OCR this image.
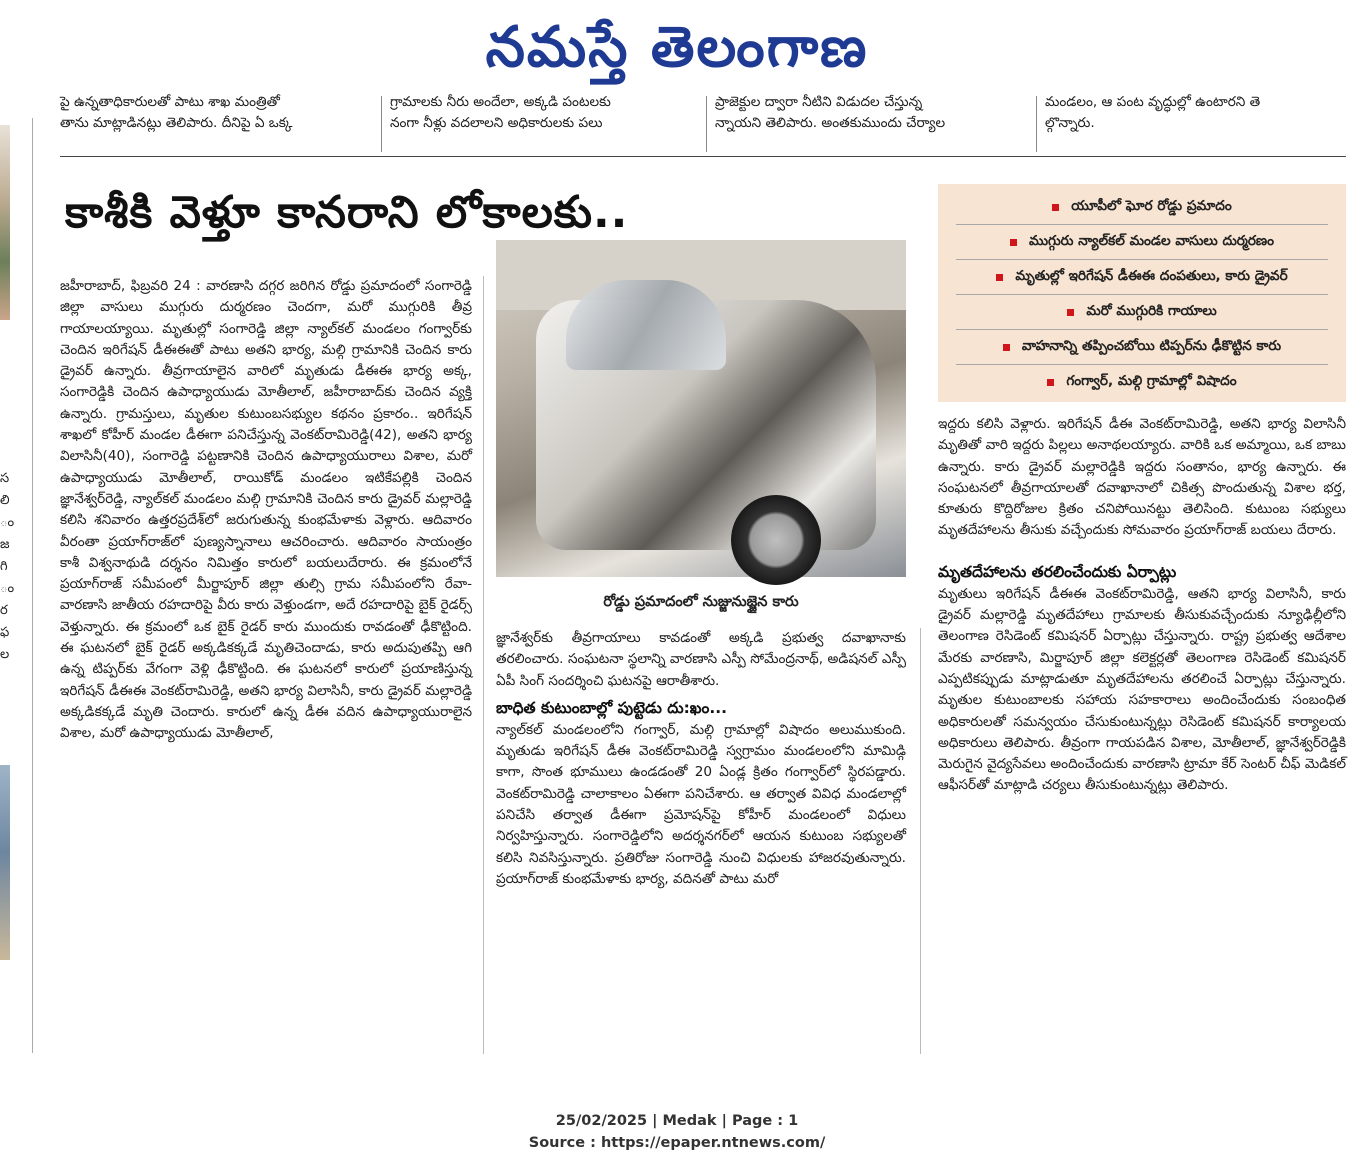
నమస్తే తెలంగాణ

పై ఉన్నతాధికారులతో పాటు శాఖ మంత్రితో

తాను మాట్లాడినట్లు తెలిపారు. దీనిపై ఏ ఒక్క

గ్రామాలకు నీరు అందేలా, అక్కడి పంటలకు

నంగా నీళ్లు వదలాలని అధికారులకు పలు

ప్రాజెక్టుల ద్వారా నీటిని విడుదల చేస్తున్న

న్నాయని తెలిపారు. అంతకుముందు చేర్యాల

మండలం, ఆ పంట వృద్ధుల్లో ఉంటారని తె

ల్గొన్నారు.

స
లి
ం
జ
గి
ం
ర
ఫ
ల
కాశీకి వెళ్తూ కానరాని లోకాలకు..	యూపీలో ఘోర రోడ్డు ప్రమాదం
ముగ్గురు న్యాల్‌కల్ మండల వాసులు దుర్మరణం
మృతుల్లో ఇరిగేషన్ డీఈఈ దంపతులు, కారు డ్రైవర్
మరో ముగ్గురికి గాయాలు
వాహనాన్ని తప్పించబోయి టిప్పర్‌ను ఢీకొట్టిన కారు
గంగ్వార్, మల్గి గ్రామాల్లో విషాదం

రోడ్డు ప్రమాదంలో నుజ్జునుజ్జైన కారు

జహీరాబాద్, ఫిబ్రవరి 24 : వారణాసి దగ్గర జరిగిన రోడ్డు ప్రమాదంలో సంగారెడ్డి జిల్లా వాసులు ముగ్గురు దుర్మరణం చెందగా, మరో ముగ్గురికి తీవ్ర గాయాలయ్యాయి. మృతుల్లో సంగారెడ్డి జిల్లా న్యాల్‌కల్ మండలం గంగ్వార్‌కు చెందిన ఇరిగేషన్ డీఈఈతో పాటు అతని భార్య, మల్గి గ్రామానికి చెందిన కారు డ్రైవర్ ఉన్నారు. తీవ్రగాయాలైన వారిలో మృతుడు డీఈఈ భార్య అక్క, సంగారెడ్డికి చెందిన ఉపాధ్యాయుడు మోతీలాల్, జహీరాబాద్‌కు చెందిన వ్యక్తి ఉన్నారు. గ్రామస్తులు, మృతుల కుటుంబసభ్యుల కథనం ప్రకారం.. ఇరిగేషన్ శాఖలో కోహీర్ మండల డీఈగా పనిచేస్తున్న వెంకట్‌రామిరెడ్డి(42), అతని భార్య విలాసినీ(40), సంగారెడ్డి పట్టణానికి చెందిన ఉపాధ్యాయురాలు విశాల, మరో ఉపాధ్యాయుడు మోతీలాల్, రాయికోడ్ మండలం ఇటికేపల్లికి చెందిన జ్ఞానేశ్వర్‌రెడ్డి, న్యాల్‌కల్ మండలం మల్గి గ్రామానికి చెందిన కారు డ్రైవర్ మల్లారెడ్డి కలిసి శనివారం ఉత్తరప్రదేశ్‌లో జరుగుతున్న కుంభమేళాకు వెళ్లారు. ఆదివారం వీరంతా ప్రయాగ్‌రాజ్‌లో పుణ్యస్నానాలు ఆచరించారు. ఆదివారం సాయంత్రం కాశీ విశ్వనాథుడి దర్శనం నిమిత్తం కారులో బయలుదేరారు. ఈ క్రమంలోనే ప్రయాగ్‌రాజ్ సమీపంలో మీర్జాపూర్ జిల్లా తుల్సి గ్రామ సమీపంలోని రేవా- వారణాసి జాతీయ రహదారిపై వీరు కారు వెళ్తుండగా, అదే రహదారిపై బైక్ రైడర్స్ వెళ్తున్నారు. ఈ క్రమంలో ఒక బైక్ రైడర్ కారు ముందుకు రావడంతో ఢీకొట్టింది. ఈ ఘటనలో బైక్ రైడర్ అక్కడికక్కడే మృతిచెందాడు, కారు అదుపుతప్పి ఆగి ఉన్న టిప్పర్‌కు వేగంగా వెళ్లి ఢీకొట్టింది. ఈ ఘటనలో కారులో ప్రయాణిస్తున్న ఇరిగేషన్ డీఈఈ వెంకట్‌రామిరెడ్డి, అతని భార్య విలాసినీ, కారు డ్రైవర్ మల్లారెడ్డి అక్కడికక్కడే మృతి చెందారు. కారులో ఉన్న డీఈ వదిన ఉపాధ్యాయురాలైన విశాల, మరో ఉపాధ్యాయుడు మోతీలాల్,

జ్ఞానేశ్వర్‌కు తీవ్రగాయాలు కావడంతో అక్కడి ప్రభుత్వ దవాఖానాకు తరలించారు. సంఘటనా స్థలాన్ని వారణాసి ఎస్పీ సోమేంద్రనాథ్, అడిషనల్ ఎస్పీ ఏపీ సింగ్ సందర్శించి ఘటనపై ఆరాతీశారు.

బాధిత కుటుంబాల్లో పుట్టెడు దు:ఖం...

న్యాల్‌కల్ మండలంలోని గంగ్వార్, మల్గి గ్రామాల్లో విషాదం అలుముకుంది. మృతుడు ఇరిగేషన్ డీఈ వెంకట్‌రామిరెడ్డి స్వగ్రామం మండలంలోని మామిడ్గి కాగా, సొంత భూములు ఉండడంతో 20 ఏండ్ల క్రితం గంగ్వార్‌లో స్థిరపడ్డారు. వెంకట్‌రామిరెడ్డి చాలాకాలం ఏఈగా పనిచేశారు. ఆ తర్వాత వివిధ మండలాల్లో పనిచేసి తర్వాత డీఈగా ప్రమోషన్‌పై కోహీర్ మండలంలో విధులు నిర్వహిస్తున్నారు. సంగారెడ్డిలోని అదర్శనగర్‌లో ఆయన కుటుంబ సభ్యులతో కలిసి నివసిస్తున్నారు. ప్రతిరోజు సంగారెడ్డి నుంచి విధులకు హాజరవుతున్నారు. ప్రయాగ్‌రాజ్ కుంభమేళాకు భార్య, వదినతో పాటు మరో

ఇద్దరు కలిసి వెళ్లారు. ఇరిగేషన్ డీఈ వెంకట్‌రామిరెడ్డి, అతని భార్య విలాసినీ మృతితో వారి ఇద్దరు పిల్లలు అనాథలయ్యారు. వారికి ఒక అమ్మాయి, ఒక బాబు ఉన్నారు. కారు డ్రైవర్ మల్లారెడ్డికి ఇద్దరు సంతానం, భార్య ఉన్నారు. ఈ సంఘటనలో తీవ్రగాయాలతో దవాఖానాలో చికిత్స పొందుతున్న విశాల భర్త, కూతురు కొద్దిరోజుల క్రితం చనిపోయినట్టు తెలిసింది. కుటుంబ సభ్యులు మృతదేహాలను తీసుకు వచ్చేందుకు సోమవారం ప్రయాగ్‌రాజ్ బయలు దేరారు.

మృతదేహాలను తరలించేందుకు ఏర్పాట్లు

మృతులు ఇరిగేషన్ డీఈఈ వెంకట్‌రామిరెడ్డి, ఆతని భార్య విలాసినీ, కారు డ్రైవర్ మల్లారెడ్డి మృతదేహాలు గ్రామాలకు తీసుకువచ్చేందుకు న్యూఢిల్లీలోని తెలంగాణ రెసిడెంట్ కమిషనర్ ఏర్పాట్లు చేస్తున్నారు. రాష్ట్ర ప్రభుత్వ ఆదేశాల మేరకు వారణాసి, మిర్జాపూర్ జిల్లా కలెక్టర్లతో తెలంగాణ రెసిడెంట్ కమిషనర్ ఎప్పటికప్పుడు మాట్లాడుతూ మృతదేహాలను తరలించే ఏర్పాట్లు చేస్తున్నారు. మృతుల కుటుంబాలకు సహాయ సహకారాలు అందించేందుకు సంబంధిత అధికారులతో సమన్వయం చేసుకుంటున్నట్లు రెసిడెంట్ కమిషనర్ కార్యాలయ అధికారులు తెలిపారు. తీవ్రంగా గాయపడిన విశాల, మోతీలాల్, జ్ఞానేశ్వర్‌రెడ్డికి మెరుగైన వైద్యసేవలు అందించేందుకు వారణాసి ట్రామా కేర్ సెంటర్ చీఫ్ మెడికల్ ఆఫీసర్‌తో మాట్లాడి చర్యలు తీసుకుంటున్నట్లు తెలిపారు.

25/02/2025 | Medak | Page : 1
Source : https://epaper.ntnews.com/
